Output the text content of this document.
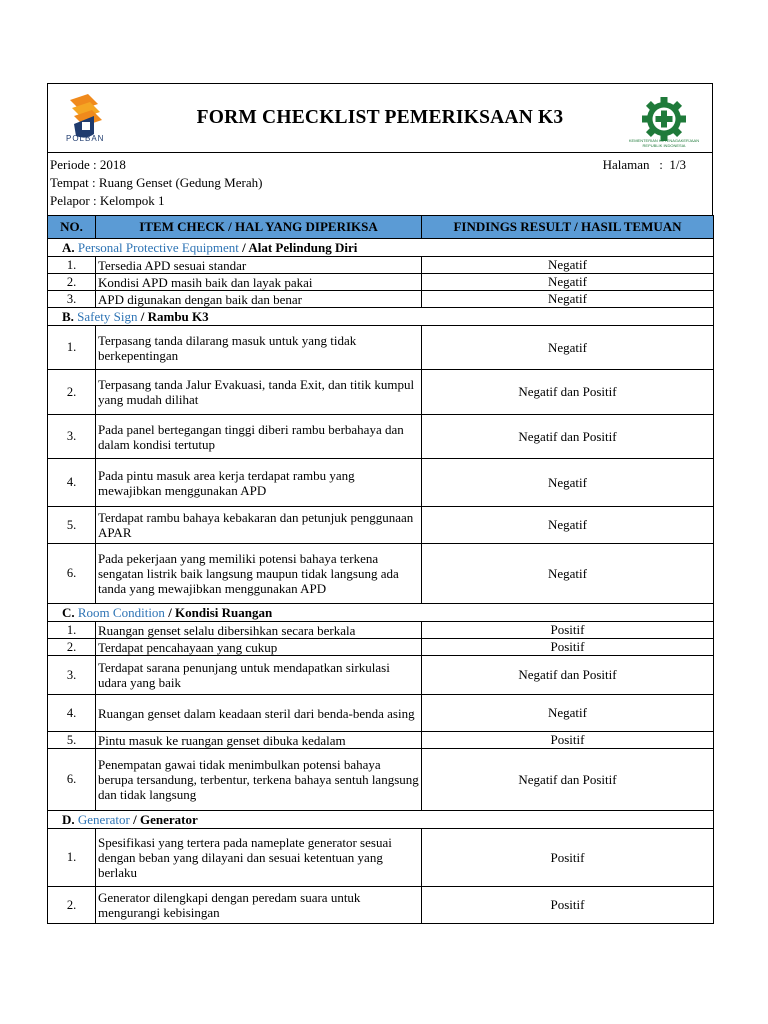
POLBAN
FORM CHECKLIST PEMERIKSAAN K3
KEMENTERIAN KETENAGAKERJAAN REPUBLIK INDONESIA
Periode : 2018
Tempat : Ruang Genset (Gedung Merah)
Pelapor : Kelompok 1
Halaman   :  1/3
NO.	ITEM CHECK / HAL YANG DIPERIKSA	FINDINGS RESULT / HASIL TEMUAN
A. Personal Protective Equipment / Alat Pelindung Diri		
1.	Tersedia APD sesuai standar	Negatif
2.	Kondisi APD masih baik dan layak pakai	Negatif
3.	APD digunakan dengan baik dan benar	Negatif
B. Safety Sign / Rambu K3		
1.	Terpasang tanda dilarang masuk untuk yang tidak berkepentingan	Negatif
2.	Terpasang tanda Jalur Evakuasi, tanda Exit, dan titik kumpul yang mudah dilihat	Negatif dan Positif
3.	Pada panel bertegangan tinggi diberi rambu berbahaya dan dalam kondisi tertutup	Negatif dan Positif
4.	Pada pintu masuk area kerja terdapat rambu yang mewajibkan menggunakan APD	Negatif
5.	Terdapat rambu bahaya kebakaran dan petunjuk penggunaan APAR	Negatif
6.	Pada pekerjaan yang memiliki potensi bahaya terkena sengatan listrik baik langsung maupun tidak langsung ada tanda yang mewajibkan menggunakan APD	Negatif
C. Room Condition / Kondisi Ruangan		
1.	Ruangan genset selalu dibersihkan secara berkala	Positif
2.	Terdapat pencahayaan yang cukup	Positif
3.	Terdapat sarana penunjang untuk mendapatkan sirkulasi udara yang baik	Negatif dan Positif
4.	Ruangan genset dalam keadaan steril dari benda-benda asing	Negatif
5.	Pintu masuk ke ruangan genset dibuka kedalam	Positif
6.	Penempatan gawai tidak menimbulkan potensi bahaya berupa tersandung, terbentur, terkena bahaya sentuh langsung dan tidak langsung	Negatif dan Positif
D. Generator / Generator		
1.	Spesifikasi yang tertera pada nameplate generator sesuai dengan beban yang dilayani dan sesuai ketentuan yang berlaku	Positif
2.	Generator dilengkapi dengan peredam suara untuk mengurangi kebisingan	Positif
